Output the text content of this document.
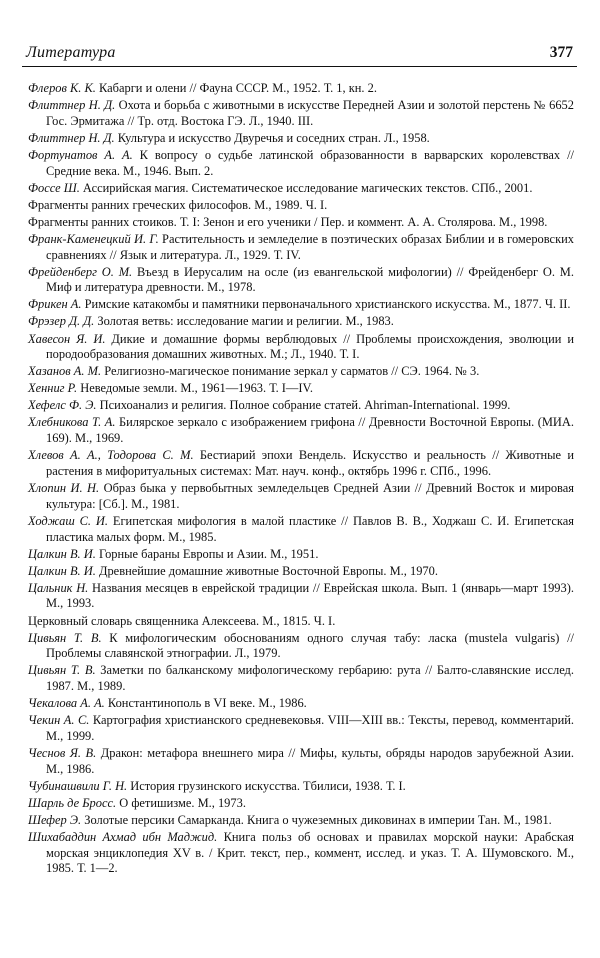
Литература	377
Флеров К. К. Кабарги и олени // Фауна СССР. М., 1952. Т. 1, кн. 2.
Флиттнер Н. Д. Охота и борьба с животными в искусстве Передней Азии и золотой перстень № 6652 Гос. Эрмитажа // Тр. отд. Востока ГЭ. Л., 1940. III.
Флиттнер Н. Д. Культура и искусство Двуречья и соседних стран. Л., 1958.
Фортунатов А. А. К вопросу о судьбе латинской образованности в варварских королевствах // Средние века. М., 1946. Вып. 2.
Фоссе Ш. Ассирийская магия. Систематическое исследование магических текстов. СПб., 2001.
Фрагменты ранних греческих философов. М., 1989. Ч. I.
Фрагменты ранних стоиков. Т. I: Зенон и его ученики / Пер. и коммент. А. А. Столярова. М., 1998.
Франк-Каменецкий И. Г. Растительность и земледелие в поэтических образах Библии и в гомеровских сравнениях // Язык и литература. Л., 1929. Т. IV.
Фрейденберг О. М. Въезд в Иерусалим на осле (из евангельской мифологии) // Фрейденберг О. М. Миф и литература древности. М., 1978.
Фрикен А. Римские катакомбы и памятники первоначального христианского искусства. М., 1877. Ч. II.
Фрэзер Д. Д. Золотая ветвь: исследование магии и религии. М., 1983.
Хавесон Я. И. Дикие и домашние формы верблюдовых // Проблемы происхождения, эволюции и породообразования домашних животных. М.; Л., 1940. Т. I.
Хазанов А. М. Религиозно-магическое понимание зеркал у сарматов // СЭ. 1964. № 3.
Хенниг Р. Неведомые земли. М., 1961—1963. Т. I—IV.
Хефелс Ф. Э. Психоанализ и религия. Полное собрание статей. Ahriman-International. 1999.
Хлебникова Т. А. Билярское зеркало с изображением грифона // Древности Восточной Европы. (МИА. 169). М., 1969.
Хлевов А. А., Тодорова С. М. Бестиарий эпохи Вендель. Искусство и реальность // Животные и растения в мифоритуальных системах: Мат. науч. конф., октябрь 1996 г. СПб., 1996.
Хлопин И. Н. Образ быка у первобытных земледельцев Средней Азии // Древний Восток и мировая культура: [Сб.]. М., 1981.
Ходжаш С. И. Египетская мифология в малой пластике // Павлов В. В., Ходжаш С. И. Египетская пластика малых форм. М., 1985.
Цалкин В. И. Горные бараны Европы и Азии. М., 1951.
Цалкин В. И. Древнейшие домашние животные Восточной Европы. М., 1970.
Цальник Н. Названия месяцев в еврейской традиции // Еврейская школа. Вып. 1 (январь—март 1993). М., 1993.
Церковный словарь священника Алексеева. М., 1815. Ч. I.
Цивьян Т. В. К мифологическим обоснованиям одного случая табу: ласка (mustela vulgaris) // Проблемы славянской этнографии. Л., 1979.
Цивьян Т. В. Заметки по балканскому мифологическому гербарию: рута // Балто-славянские исслед. 1987. М., 1989.
Чекалова А. А. Константинополь в VI веке. М., 1986.
Чекин А. С. Картография христианского средневековья. VIII—XIII вв.: Тексты, перевод, комментарий. М., 1999.
Чеснов Я. В. Дракон: метафора внешнего мира // Мифы, культы, обряды народов зарубежной Азии. М., 1986.
Чубинашвили Г. Н. История грузинского искусства. Тбилиси, 1938. Т. I.
Шарль де Бросс. О фетишизме. М., 1973.
Шефер Э. Золотые персики Самарканда. Книга о чужеземных диковинах в империи Тан. М., 1981.
Шихабаддин Ахмад ибн Маджид. Книга польз об основах и правилах морской науки: Арабская морская энциклопедия XV в. / Крит. текст, пер., коммент, исслед. и указ. Т. А. Шумовского. М., 1985. Т. 1—2.
